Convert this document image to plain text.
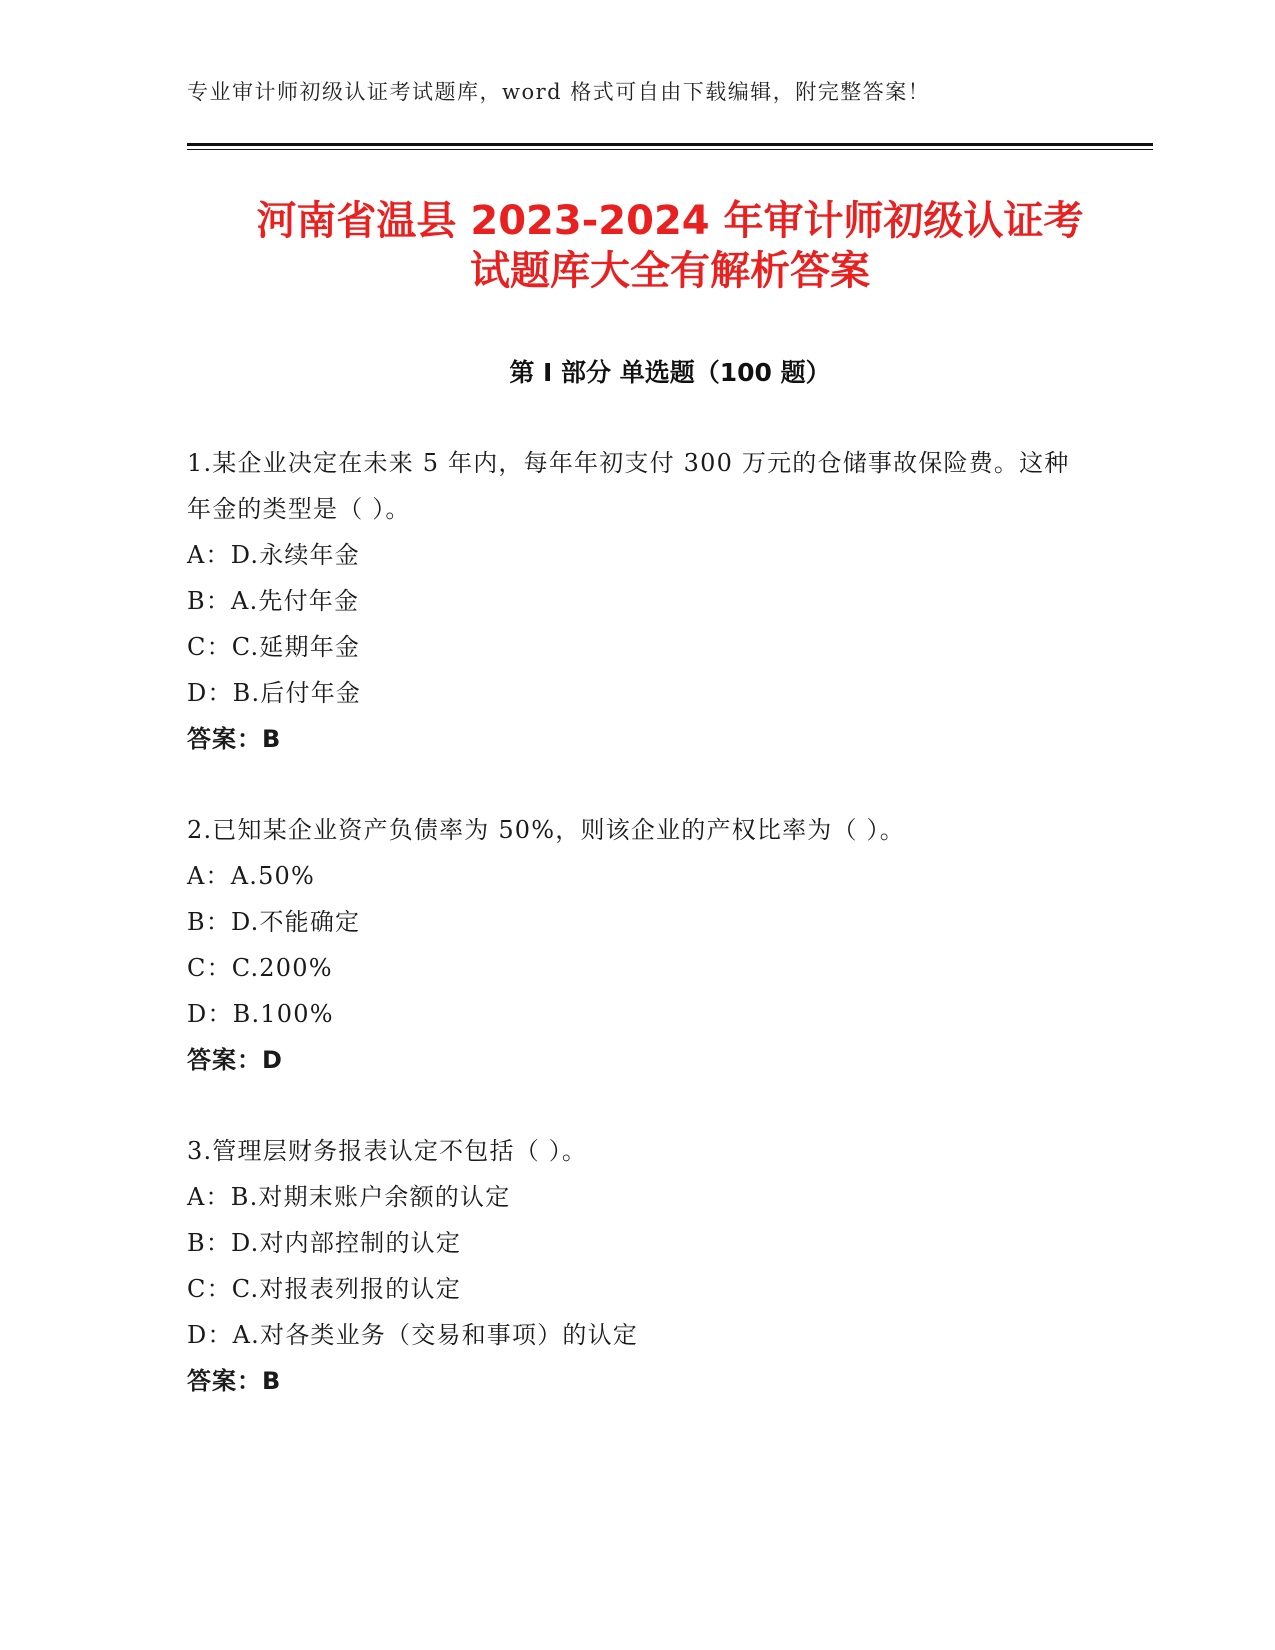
专业审计师初级认证考试题库，word 格式可自由下载编辑，附完整答案！
河南省温县 2023-2024 年审计师初级认证考
试题库大全有解析答案
第 I 部分 单选题（100 题）

1.某企业决定在未来 5 年内，每年年初支付 300 万元的仓储事故保险费。这种年金的类型是（ ）。

A：D.永续年金

B：A.先付年金

C：C.延期年金

D：B.后付年金

答案：B

2.已知某企业资产负债率为 50%，则该企业的产权比率为（ ）。

A：A.50%

B：D.不能确定

C：C.200%

D：B.100%

答案：D

3.管理层财务报表认定不包括（ ）。

A：B.对期末账户余额的认定

B：D.对内部控制的认定

C：C.对报表列报的认定

D：A.对各类业务（交易和事项）的认定

答案：B
